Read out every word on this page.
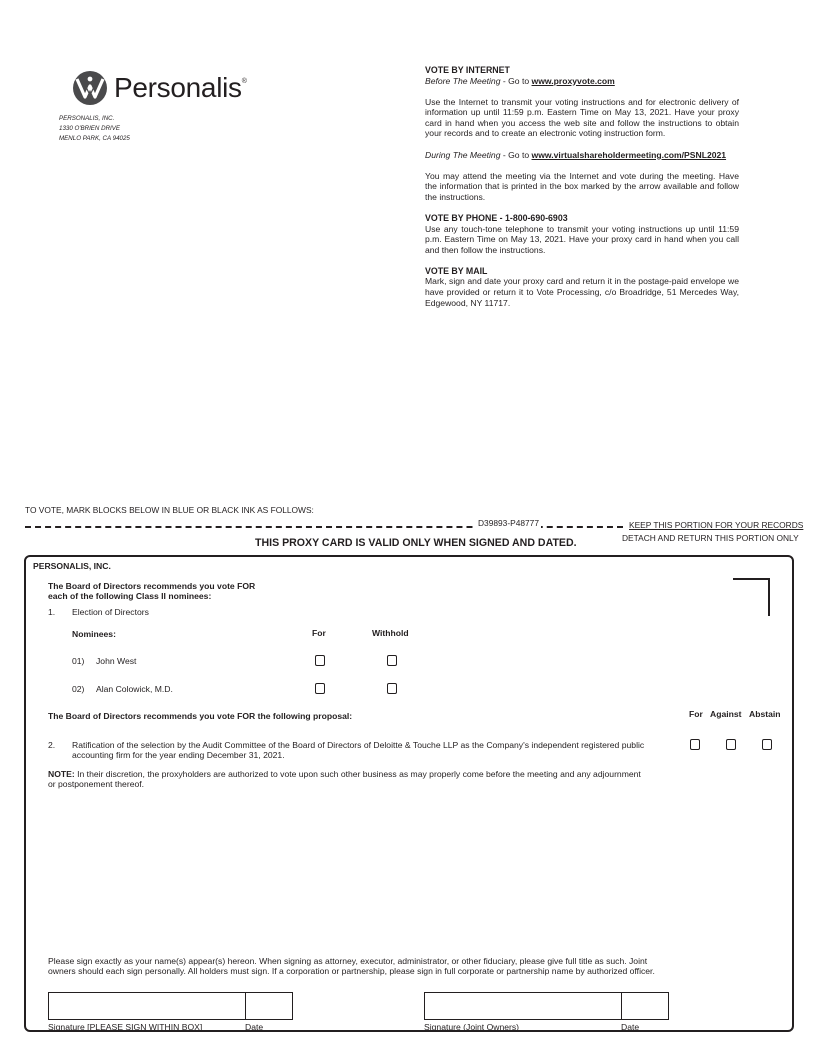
Personalis®
PERSONALIS, INC.
1330 O'BRIEN DRIVE
MENLO PARK, CA 94025
VOTE BY INTERNET

Before The Meeting - Go to www.proxyvote.com

Use the Internet to transmit your voting instructions and for electronic delivery of information up until 11:59 p.m. Eastern Time on May 13, 2021. Have your proxy card in hand when you access the web site and follow the instructions to obtain your records and to create an electronic voting instruction form.

During The Meeting - Go to www.virtualshareholdermeeting.com/PSNL2021

You may attend the meeting via the Internet and vote during the meeting. Have the information that is printed in the box marked by the arrow available and follow the instructions.

VOTE BY PHONE - 1-800-690-6903

Use any touch-tone telephone to transmit your voting instructions up until 11:59 p.m. Eastern Time on May 13, 2021. Have your proxy card in hand when you call and then follow the instructions.

VOTE BY MAIL

Mark, sign and date your proxy card and return it in the postage-paid envelope we have provided or return it to Vote Processing, c/o Broadridge, 51 Mercedes Way, Edgewood, NY 11717.

TO VOTE, MARK BLOCKS BELOW IN BLUE OR BLACK INK AS FOLLOWS:
D39893-P48777	KEEP THIS PORTION FOR YOUR RECORDS
DETACH AND RETURN THIS PORTION ONLY
THIS PROXY CARD IS VALID ONLY WHEN SIGNED AND DATED.
PERSONALIS, INC.
The Board of Directors recommends you vote FOR
each of the following Class II nominees:
1. Election of Directors
Nominees:	For	Withhold
01) John West
02) Alan Colowick, M.D.
The Board of Directors recommends you vote FOR the following proposal:	For Against Abstain
2. Ratification of the selection by the Audit Committee of the Board of Directors of Deloitte & Touche LLP as the Company's independent registered public
accounting firm for the year ending December 31, 2021.
NOTE: In their discretion, the proxyholders are authorized to vote upon such other business as may properly come before the meeting and any adjournment
or postponement thereof.
Please sign exactly as your name(s) appear(s) hereon. When signing as attorney, executor, administrator, or other fiduciary, please give full title as such. Joint
owners should each sign personally. All holders must sign. If a corporation or partnership, please sign in full corporate or partnership name by authorized officer.
Signature [PLEASE SIGN WITHIN BOX]	Date	Signature (Joint Owners)	Date
